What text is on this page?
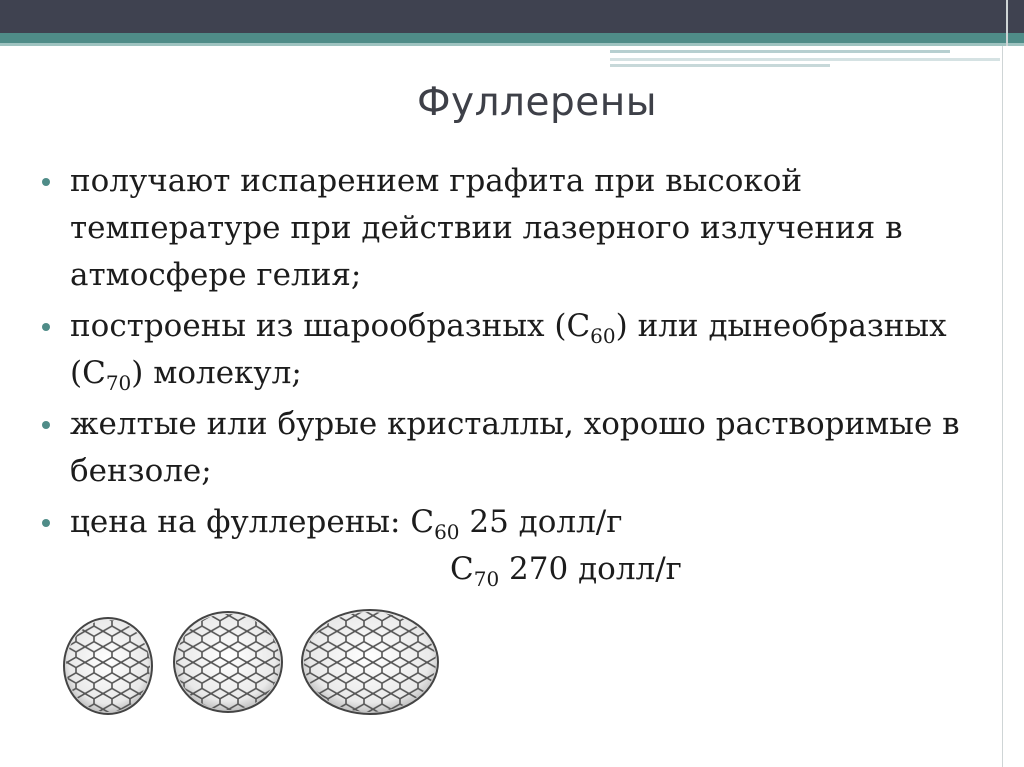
Фуллерены
получают испарением графита при высокой температуре при действии лазерного излучения в атмосфере гелия;
построены из шарообразных $(C_{60})$ или дынеобразных $(C_{70})$ молекул;
желтые или бурые кристаллы, хорошо растворимые в бензоле;
цена на фуллерены: $C_{60}$ 25 долл/г
$C_{70}$ 270 долл/г
